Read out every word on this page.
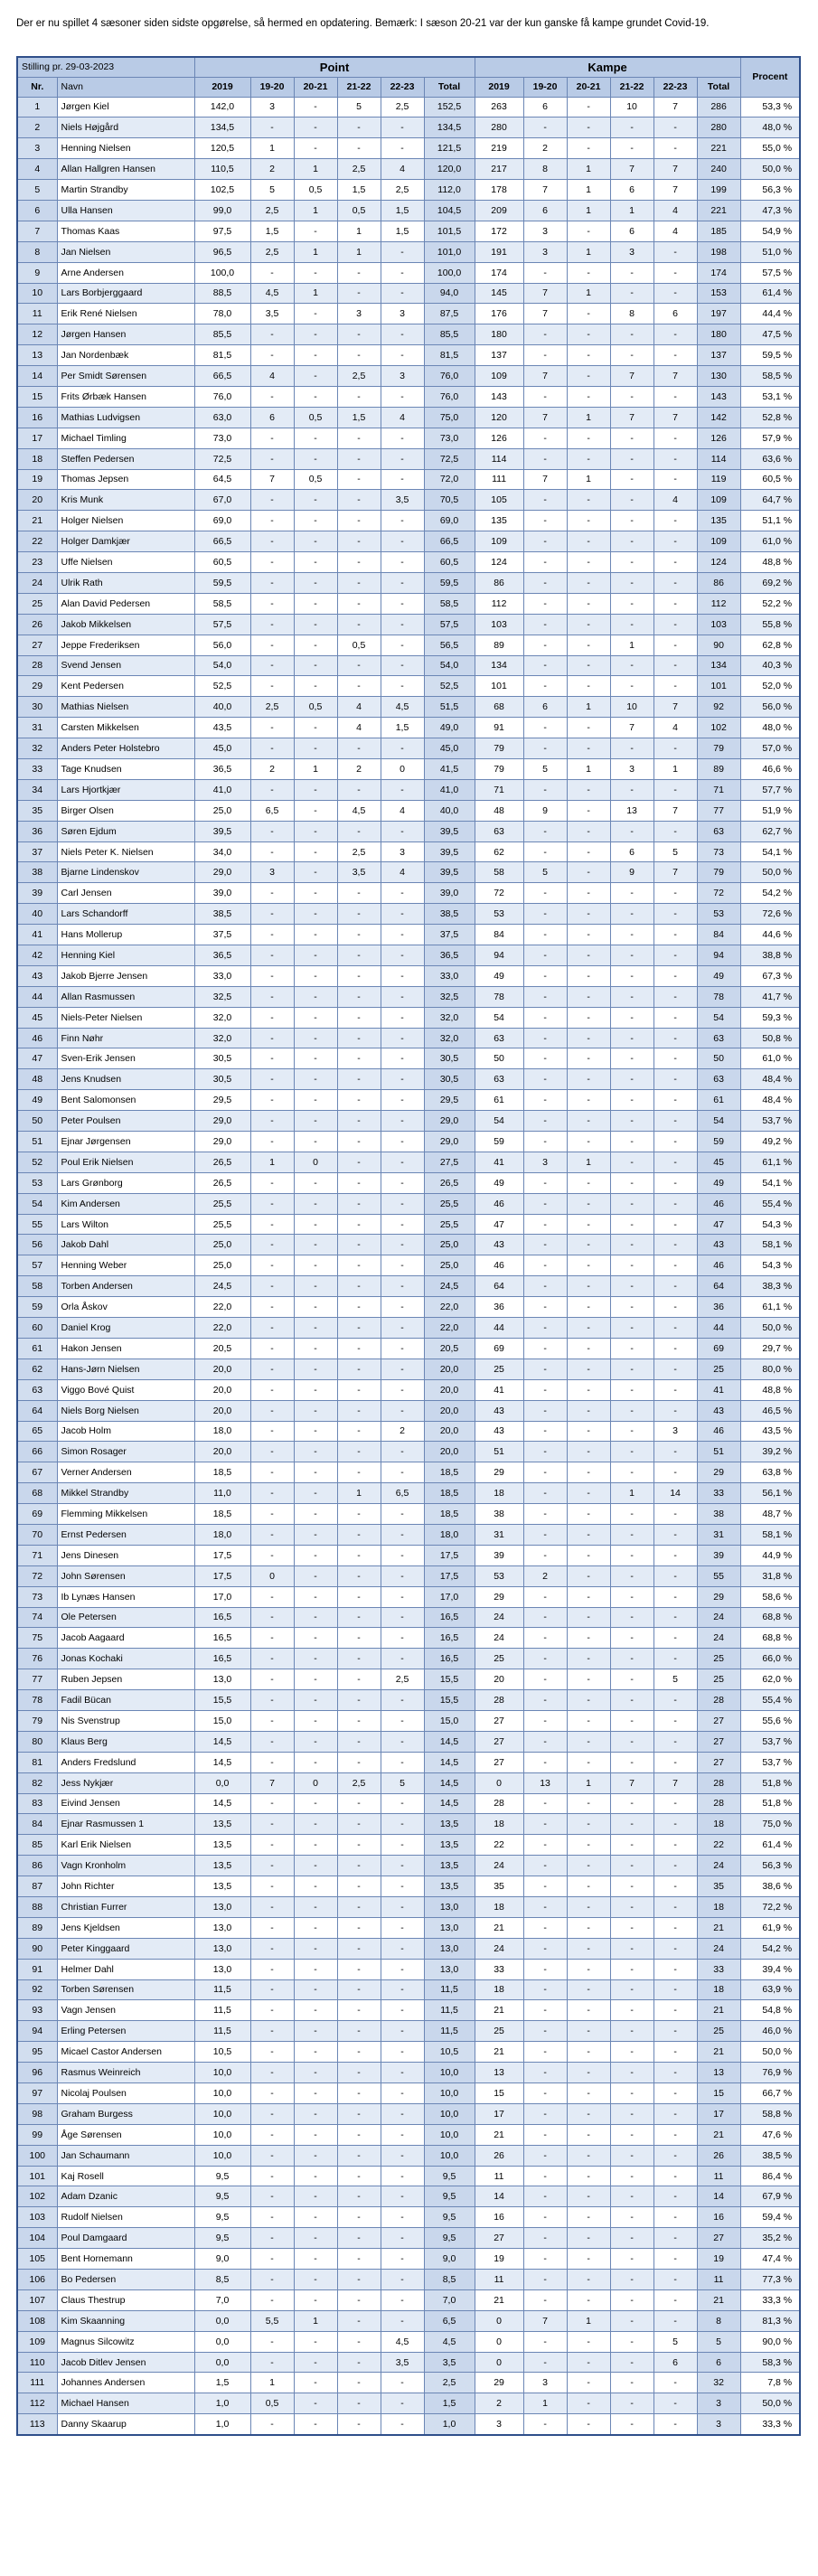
Der er nu spillet 4 sæsoner siden sidste opgørelse, så hermed en opdatering. Bemærk: I sæson 20-21 var der kun ganske få kampe grundet Covid-19.
Stilling pr. 29-03-2023		Point						Kampe						Procent
Nr.	Navn	2019	19-20	20-21	21-22	22-23	Total	2019	19-20	20-21	21-22	22-23	Total	
1	Jørgen Kiel	142,0	3	-	5	2,5	152,5	263	6	-	10	7	286	53,3 %
2	Niels Højgård	134,5	-	-	-	-	134,5	280	-	-	-	-	280	48,0 %
3	Henning Nielsen	120,5	1	-	-	-	121,5	219	2	-	-	-	221	55,0 %
4	Allan Hallgren Hansen	110,5	2	1	2,5	4	120,0	217	8	1	7	7	240	50,0 %
5	Martin Strandby	102,5	5	0,5	1,5	2,5	112,0	178	7	1	6	7	199	56,3 %
6	Ulla Hansen	99,0	2,5	1	0,5	1,5	104,5	209	6	1	1	4	221	47,3 %
7	Thomas Kaas	97,5	1,5	-	1	1,5	101,5	172	3	-	6	4	185	54,9 %
8	Jan Nielsen	96,5	2,5	1	1	-	101,0	191	3	1	3	-	198	51,0 %
9	Arne Andersen	100,0	-	-	-	-	100,0	174	-	-	-	-	174	57,5 %
10	Lars Borbjerggaard	88,5	4,5	1	-	-	94,0	145	7	1	-	-	153	61,4 %
11	Erik René Nielsen	78,0	3,5	-	3	3	87,5	176	7	-	8	6	197	44,4 %
12	Jørgen Hansen	85,5	-	-	-	-	85,5	180	-	-	-	-	180	47,5 %
13	Jan Nordenbæk	81,5	-	-	-	-	81,5	137	-	-	-	-	137	59,5 %
14	Per Smidt Sørensen	66,5	4	-	2,5	3	76,0	109	7	-	7	7	130	58,5 %
15	Frits Ørbæk Hansen	76,0	-	-	-	-	76,0	143	-	-	-	-	143	53,1 %
16	Mathias Ludvigsen	63,0	6	0,5	1,5	4	75,0	120	7	1	7	7	142	52,8 %
17	Michael Timling	73,0	-	-	-	-	73,0	126	-	-	-	-	126	57,9 %
18	Steffen Pedersen	72,5	-	-	-	-	72,5	114	-	-	-	-	114	63,6 %
19	Thomas Jepsen	64,5	7	0,5	-	-	72,0	111	7	1	-	-	119	60,5 %
20	Kris Munk	67,0	-	-	-	3,5	70,5	105	-	-	-	4	109	64,7 %
21	Holger Nielsen	69,0	-	-	-	-	69,0	135	-	-	-	-	135	51,1 %
22	Holger Damkjær	66,5	-	-	-	-	66,5	109	-	-	-	-	109	61,0 %
23	Uffe Nielsen	60,5	-	-	-	-	60,5	124	-	-	-	-	124	48,8 %
24	Ulrik Rath	59,5	-	-	-	-	59,5	86	-	-	-	-	86	69,2 %
25	Alan David Pedersen	58,5	-	-	-	-	58,5	112	-	-	-	-	112	52,2 %
26	Jakob Mikkelsen	57,5	-	-	-	-	57,5	103	-	-	-	-	103	55,8 %
27	Jeppe Frederiksen	56,0	-	-	0,5	-	56,5	89	-	-	1	-	90	62,8 %
28	Svend Jensen	54,0	-	-	-	-	54,0	134	-	-	-	-	134	40,3 %
29	Kent Pedersen	52,5	-	-	-	-	52,5	101	-	-	-	-	101	52,0 %
30	Mathias Nielsen	40,0	2,5	0,5	4	4,5	51,5	68	6	1	10	7	92	56,0 %
31	Carsten Mikkelsen	43,5	-	-	4	1,5	49,0	91	-	-	7	4	102	48,0 %
32	Anders Peter Holstebro	45,0	-	-	-	-	45,0	79	-	-	-	-	79	57,0 %
33	Tage Knudsen	36,5	2	1	2	0	41,5	79	5	1	3	1	89	46,6 %
34	Lars Hjortkjær	41,0	-	-	-	-	41,0	71	-	-	-	-	71	57,7 %
35	Birger Olsen	25,0	6,5	-	4,5	4	40,0	48	9	-	13	7	77	51,9 %
36	Søren Ejdum	39,5	-	-	-	-	39,5	63	-	-	-	-	63	62,7 %
37	Niels Peter K. Nielsen	34,0	-	-	2,5	3	39,5	62	-	-	6	5	73	54,1 %
38	Bjarne Lindenskov	29,0	3	-	3,5	4	39,5	58	5	-	9	7	79	50,0 %
39	Carl Jensen	39,0	-	-	-	-	39,0	72	-	-	-	-	72	54,2 %
40	Lars Schandorff	38,5	-	-	-	-	38,5	53	-	-	-	-	53	72,6 %
41	Hans Mollerup	37,5	-	-	-	-	37,5	84	-	-	-	-	84	44,6 %
42	Henning Kiel	36,5	-	-	-	-	36,5	94	-	-	-	-	94	38,8 %
43	Jakob Bjerre Jensen	33,0	-	-	-	-	33,0	49	-	-	-	-	49	67,3 %
44	Allan Rasmussen	32,5	-	-	-	-	32,5	78	-	-	-	-	78	41,7 %
45	Niels-Peter Nielsen	32,0	-	-	-	-	32,0	54	-	-	-	-	54	59,3 %
46	Finn Nøhr	32,0	-	-	-	-	32,0	63	-	-	-	-	63	50,8 %
47	Sven-Erik Jensen	30,5	-	-	-	-	30,5	50	-	-	-	-	50	61,0 %
48	Jens Knudsen	30,5	-	-	-	-	30,5	63	-	-	-	-	63	48,4 %
49	Bent Salomonsen	29,5	-	-	-	-	29,5	61	-	-	-	-	61	48,4 %
50	Peter Poulsen	29,0	-	-	-	-	29,0	54	-	-	-	-	54	53,7 %
51	Ejnar Jørgensen	29,0	-	-	-	-	29,0	59	-	-	-	-	59	49,2 %
52	Poul Erik Nielsen	26,5	1	0	-	-	27,5	41	3	1	-	-	45	61,1 %
53	Lars Grønborg	26,5	-	-	-	-	26,5	49	-	-	-	-	49	54,1 %
54	Kim Andersen	25,5	-	-	-	-	25,5	46	-	-	-	-	46	55,4 %
55	Lars Wilton	25,5	-	-	-	-	25,5	47	-	-	-	-	47	54,3 %
56	Jakob Dahl	25,0	-	-	-	-	25,0	43	-	-	-	-	43	58,1 %
57	Henning Weber	25,0	-	-	-	-	25,0	46	-	-	-	-	46	54,3 %
58	Torben Andersen	24,5	-	-	-	-	24,5	64	-	-	-	-	64	38,3 %
59	Orla Åskov	22,0	-	-	-	-	22,0	36	-	-	-	-	36	61,1 %
60	Daniel Krog	22,0	-	-	-	-	22,0	44	-	-	-	-	44	50,0 %
61	Hakon Jensen	20,5	-	-	-	-	20,5	69	-	-	-	-	69	29,7 %
62	Hans-Jørn Nielsen	20,0	-	-	-	-	20,0	25	-	-	-	-	25	80,0 %
63	Viggo Bové Quist	20,0	-	-	-	-	20,0	41	-	-	-	-	41	48,8 %
64	Niels Borg Nielsen	20,0	-	-	-	-	20,0	43	-	-	-	-	43	46,5 %
65	Jacob Holm	18,0	-	-	-	2	20,0	43	-	-	-	3	46	43,5 %
66	Simon Rosager	20,0	-	-	-	-	20,0	51	-	-	-	-	51	39,2 %
67	Verner Andersen	18,5	-	-	-	-	18,5	29	-	-	-	-	29	63,8 %
68	Mikkel Strandby	11,0	-	-	1	6,5	18,5	18	-	-	1	14	33	56,1 %
69	Flemming Mikkelsen	18,5	-	-	-	-	18,5	38	-	-	-	-	38	48,7 %
70	Ernst Pedersen	18,0	-	-	-	-	18,0	31	-	-	-	-	31	58,1 %
71	Jens Dinesen	17,5	-	-	-	-	17,5	39	-	-	-	-	39	44,9 %
72	John Sørensen	17,5	0	-	-	-	17,5	53	2	-	-	-	55	31,8 %
73	Ib Lynæs Hansen	17,0	-	-	-	-	17,0	29	-	-	-	-	29	58,6 %
74	Ole Petersen	16,5	-	-	-	-	16,5	24	-	-	-	-	24	68,8 %
75	Jacob Aagaard	16,5	-	-	-	-	16,5	24	-	-	-	-	24	68,8 %
76	Jonas Kochaki	16,5	-	-	-	-	16,5	25	-	-	-	-	25	66,0 %
77	Ruben Jepsen	13,0	-	-	-	2,5	15,5	20	-	-	-	5	25	62,0 %
78	Fadil Bücan	15,5	-	-	-	-	15,5	28	-	-	-	-	28	55,4 %
79	Nis Svenstrup	15,0	-	-	-	-	15,0	27	-	-	-	-	27	55,6 %
80	Klaus Berg	14,5	-	-	-	-	14,5	27	-	-	-	-	27	53,7 %
81	Anders Fredslund	14,5	-	-	-	-	14,5	27	-	-	-	-	27	53,7 %
82	Jess Nykjær	0,0	7	0	2,5	5	14,5	0	13	1	7	7	28	51,8 %
83	Eivind Jensen	14,5	-	-	-	-	14,5	28	-	-	-	-	28	51,8 %
84	Ejnar Rasmussen 1	13,5	-	-	-	-	13,5	18	-	-	-	-	18	75,0 %
85	Karl Erik Nielsen	13,5	-	-	-	-	13,5	22	-	-	-	-	22	61,4 %
86	Vagn Kronholm	13,5	-	-	-	-	13,5	24	-	-	-	-	24	56,3 %
87	John Richter	13,5	-	-	-	-	13,5	35	-	-	-	-	35	38,6 %
88	Christian Furrer	13,0	-	-	-	-	13,0	18	-	-	-	-	18	72,2 %
89	Jens Kjeldsen	13,0	-	-	-	-	13,0	21	-	-	-	-	21	61,9 %
90	Peter Kinggaard	13,0	-	-	-	-	13,0	24	-	-	-	-	24	54,2 %
91	Helmer Dahl	13,0	-	-	-	-	13,0	33	-	-	-	-	33	39,4 %
92	Torben Sørensen	11,5	-	-	-	-	11,5	18	-	-	-	-	18	63,9 %
93	Vagn Jensen	11,5	-	-	-	-	11,5	21	-	-	-	-	21	54,8 %
94	Erling Petersen	11,5	-	-	-	-	11,5	25	-	-	-	-	25	46,0 %
95	Micael Castor Andersen	10,5	-	-	-	-	10,5	21	-	-	-	-	21	50,0 %
96	Rasmus Weinreich	10,0	-	-	-	-	10,0	13	-	-	-	-	13	76,9 %
97	Nicolaj Poulsen	10,0	-	-	-	-	10,0	15	-	-	-	-	15	66,7 %
98	Graham Burgess	10,0	-	-	-	-	10,0	17	-	-	-	-	17	58,8 %
99	Åge Sørensen	10,0	-	-	-	-	10,0	21	-	-	-	-	21	47,6 %
100	Jan Schaumann	10,0	-	-	-	-	10,0	26	-	-	-	-	26	38,5 %
101	Kaj Rosell	9,5	-	-	-	-	9,5	11	-	-	-	-	11	86,4 %
102	Adam Dzanic	9,5	-	-	-	-	9,5	14	-	-	-	-	14	67,9 %
103	Rudolf Nielsen	9,5	-	-	-	-	9,5	16	-	-	-	-	16	59,4 %
104	Poul Damgaard	9,5	-	-	-	-	9,5	27	-	-	-	-	27	35,2 %
105	Bent Hornemann	9,0	-	-	-	-	9,0	19	-	-	-	-	19	47,4 %
106	Bo Pedersen	8,5	-	-	-	-	8,5	11	-	-	-	-	11	77,3 %
107	Claus Thestrup	7,0	-	-	-	-	7,0	21	-	-	-	-	21	33,3 %
108	Kim Skaanning	0,0	5,5	1	-	-	6,5	0	7	1	-	-	8	81,3 %
109	Magnus Silcowitz	0,0	-	-	-	4,5	4,5	0	-	-	-	5	5	90,0 %
110	Jacob Ditlev Jensen	0,0	-	-	-	3,5	3,5	0	-	-	-	6	6	58,3 %
111	Johannes Andersen	1,5	1	-	-	-	2,5	29	3	-	-	-	32	7,8 %
112	Michael Hansen	1,0	0,5	-	-	-	1,5	2	1	-	-	-	3	50,0 %
113	Danny Skaarup	1,0	-	-	-	-	1,0	3	-	-	-	-	3	33,3 %
